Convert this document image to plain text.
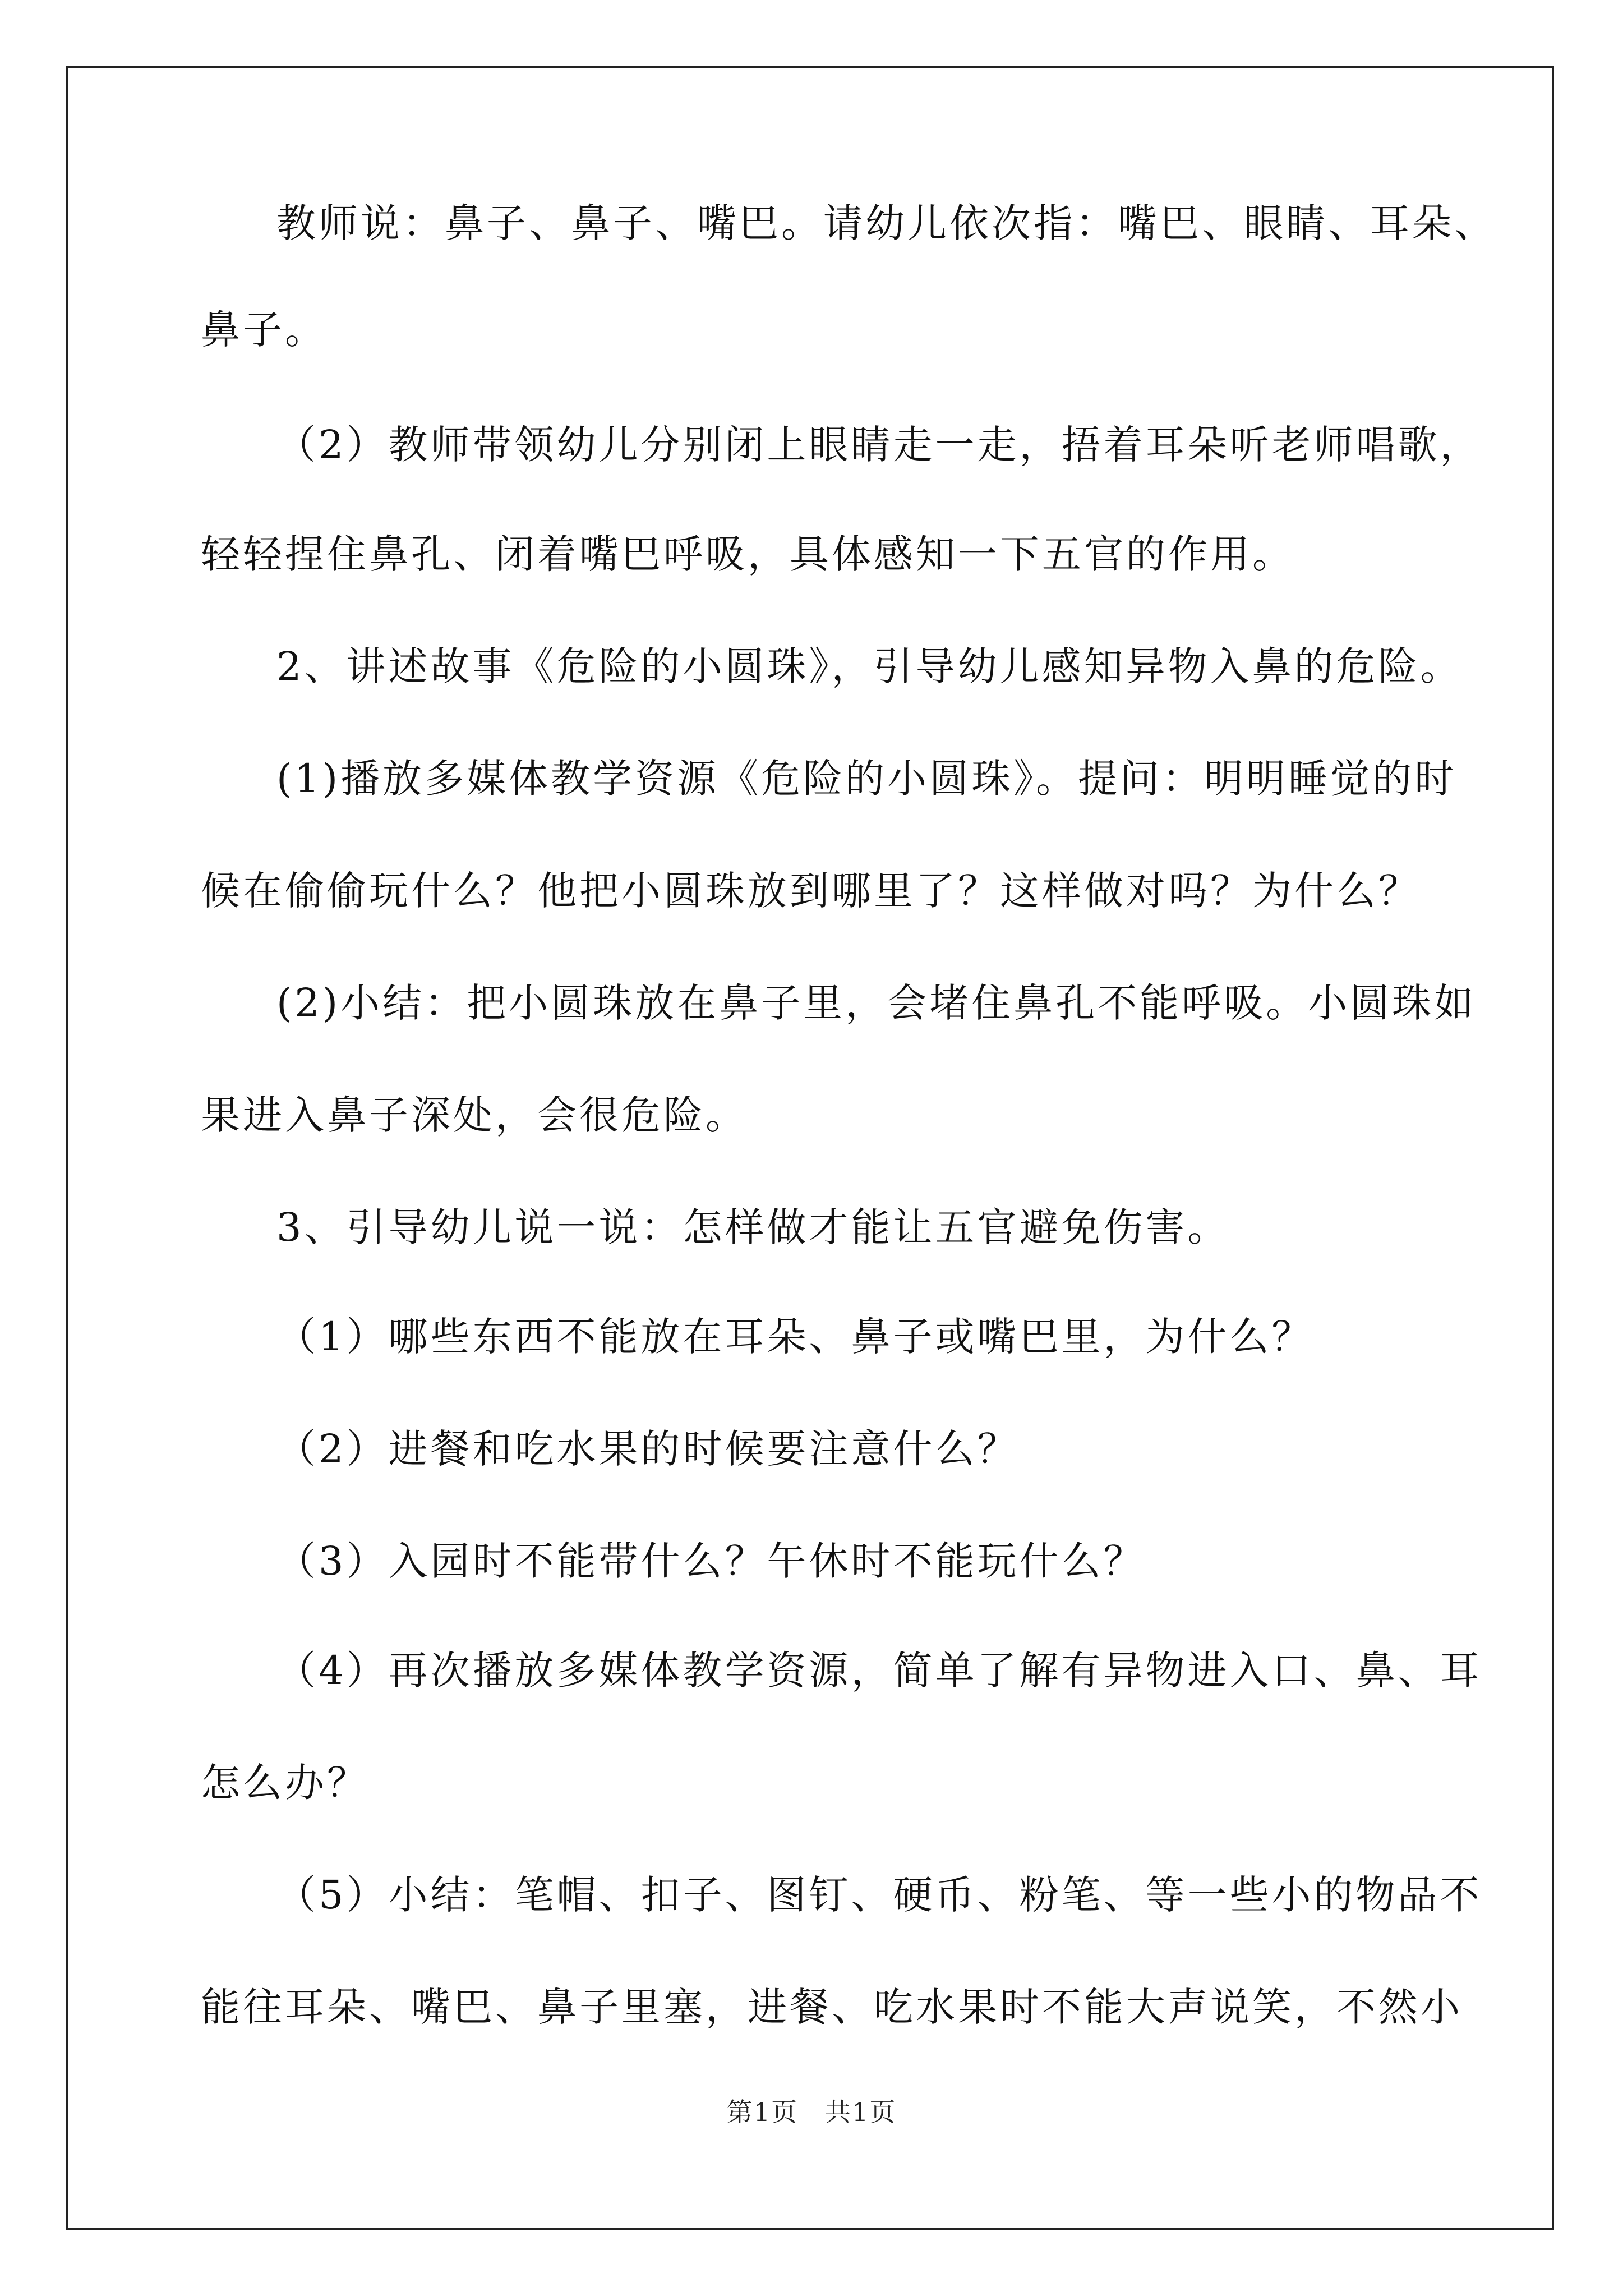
教师说：鼻子、鼻子、嘴巴。请幼儿依次指：嘴巴、眼睛、耳朵、
鼻子。
（2）教师带领幼儿分别闭上眼睛走一走，捂着耳朵听老师唱歌，
轻轻捏住鼻孔、闭着嘴巴呼吸，具体感知一下五官的作用。
2、讲述故事《危险的小圆珠》，引导幼儿感知异物入鼻的危险。
(1)播放多媒体教学资源《危险的小圆珠》。提问：明明睡觉的时
候在偷偷玩什么？他把小圆珠放到哪里了？这样做对吗？为什么？
(2)小结：把小圆珠放在鼻子里，会堵住鼻孔不能呼吸。小圆珠如
果进入鼻子深处，会很危险。
3、引导幼儿说一说：怎样做才能让五官避免伤害。
（1）哪些东西不能放在耳朵、鼻子或嘴巴里，为什么？
（2）进餐和吃水果的时候要注意什么？
（3）入园时不能带什么？午休时不能玩什么？
（4）再次播放多媒体教学资源，简单了解有异物进入口、鼻、耳
怎么办？
（5）小结：笔帽、扣子、图钉、硬币、粉笔、等一些小的物品不
能往耳朵、嘴巴、鼻子里塞，进餐、吃水果时不能大声说笑，不然小
第1页　共1页
